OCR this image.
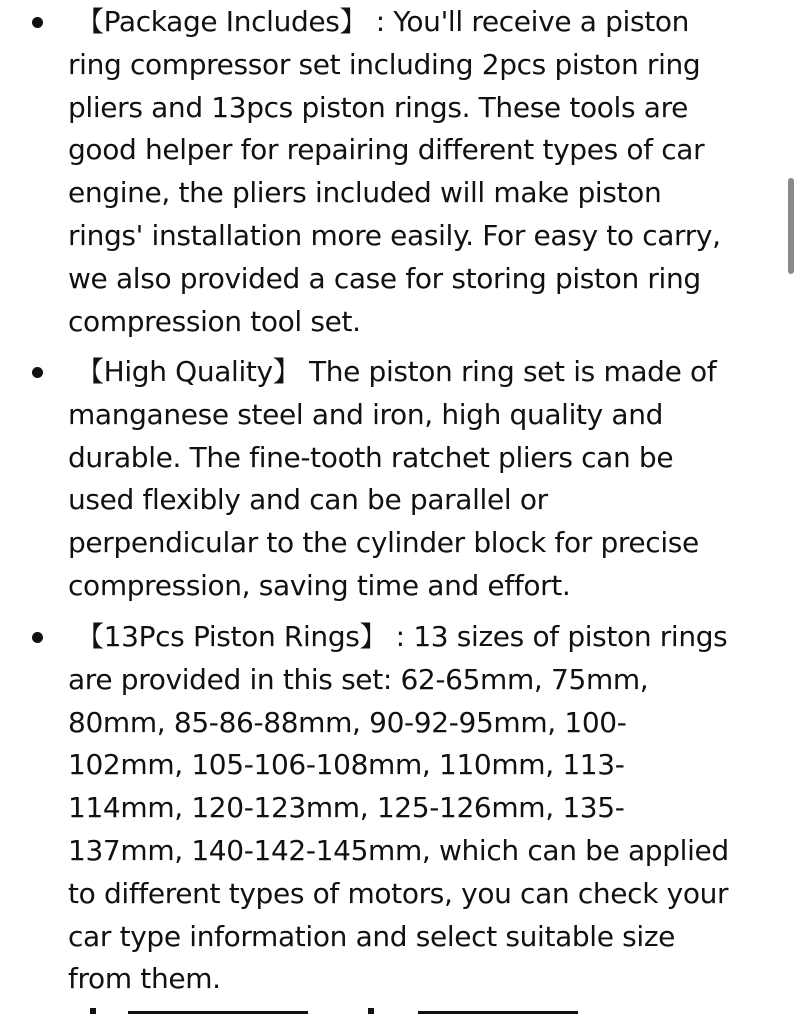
【Package Includes】 : You'll receive a piston
ring compressor set including 2pcs piston ring
pliers and 13pcs piston rings. These tools are
good helper for repairing different types of car
engine, the pliers included will make piston
rings' installation more easily. For easy to carry,
we also provided a case for storing piston ring
compression tool set.

【High Quality】 The piston ring set is made of
manganese steel and iron, high quality and
durable. The fine-tooth ratchet pliers can be
used flexibly and can be parallel or
perpendicular to the cylinder block for precise
compression, saving time and effort.

【13Pcs Piston Rings】 : 13 sizes of piston rings
are provided in this set: 62-65mm, 75mm,
80mm, 85-86-88mm, 90-92-95mm, 100-
102mm, 105-106-108mm, 110mm, 113-
114mm, 120-123mm, 125-126mm, 135-
137mm, 140-142-145mm, which can be applied
to different types of motors, you can check your
car type information and select suitable size
from them.
